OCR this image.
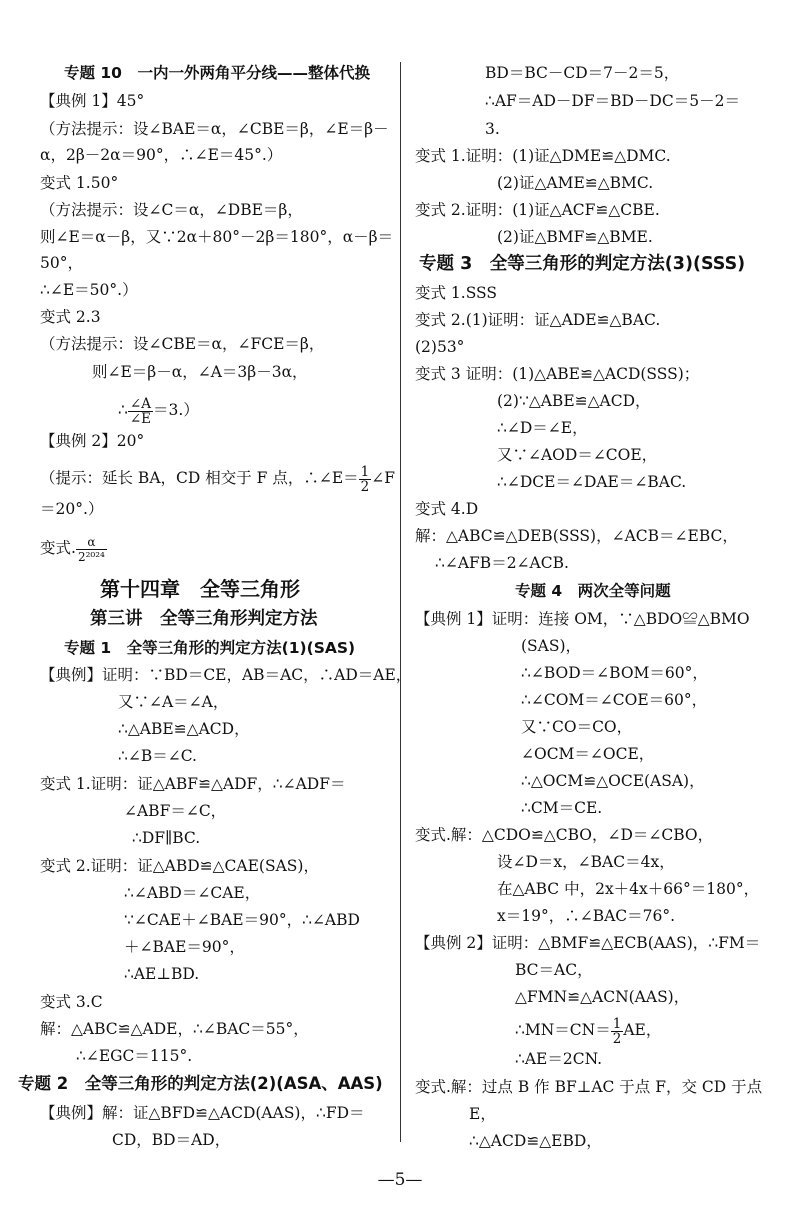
专题 10　一内一外两角平分线——整体代换
【典例 1】45°
（方法提示：设∠BAE＝α，∠CBE＝β，∠E＝β－
α，2β－2α＝90°，∴∠E＝45°.）
变式 1.50°
（方法提示：设∠C＝α，∠DBE＝β，
则∠E＝α－β，又∵2α＋80°－2β＝180°，α－β＝
50°，
∴∠E＝50°.）
变式 2.3
（方法提示：设∠CBE＝α，∠FCE＝β，
则∠E＝β－α，∠A＝3β－3α，
∴ $\frac{\angle A}{\angle E} =3$.）
【典例 2】20°
（提示：延长 BA，CD 相交于 F 点，∴∠E＝ $\frac{1}{2}$ ∠F
＝20°.）
变式. $\frac{\alpha}{\text{2²⁰²⁴}}$
第十四章　全等三角形
第三讲　全等三角形判定方法
专题 1　全等三角形的判定方法(1)(SAS)
【典例】证明：∵BD＝CE，AB＝AC，∴AD＝AE，
又∵∠A＝∠A，
∴△ABE≌△ACD，
∴∠B＝∠C.
变式 1.证明：证△ABF≌△ADF，∴∠ADF＝
∠ABF＝∠C，
∴DF∥BC.
变式 2.证明：证△ABD≌△CAE(SAS)，
∴∠ABD＝∠CAE，
∵∠CAE＋∠BAE＝90°，∴∠ABD
＋∠BAE＝90°，
∴AE⊥BD.
变式 3.C
解：△ABC≌△ADE，∴∠BAC＝55°，
∴∠EGC＝115°.
专题 2　全等三角形的判定方法(2)(ASA、AAS)
【典例】解：证△BFD≌△ACD(AAS)，∴FD＝
CD，BD＝AD，
BD＝BC－CD＝7－2＝5，
∴AF＝AD－DF＝BD－DC＝5－2＝
3.
变式 1.证明：(1)证△DME≌△DMC.
(2)证△AME≌△BMC.
变式 2.证明：(1)证△ACF≌△CBE.
(2)证△BMF≌△BME.
专题 3　全等三角形的判定方法(3)(SSS)
变式 1.SSS
变式 2.(1)证明：证△ADE≌△BAC.
(2)53°
变式 3 证明：(1)△ABE≌△ACD(SSS)；
(2)∵△ABE≌△ACD，
∴∠D＝∠E，
又∵∠AOD＝∠COE，
∴∠DCE＝∠DAE＝∠BAC.
变式 4.D
解：△ABC≌△DEB(SSS)，∠ACB＝∠EBC，
∴∠AFB＝2∠ACB.
专题 4　两次全等问题
【典例 1】证明：连接 OM，∵△BDO≌△BMO
(SAS)，
∴∠BOD＝∠BOM＝60°，
∴∠COM＝∠COE＝60°，
又∵CO＝CO，
∠OCM＝∠OCE，
∴△OCM≌△OCE(ASA)，
∴CM＝CE.
变式.解：△CDO≌△CBO，∠D＝∠CBO，
设∠D＝x，∠BAC＝4x，
在△ABC 中，2x＋4x＋66°＝180°，
x＝19°，∴∠BAC＝76°.
【典例 2】证明：△BMF≌△ECB(AAS)，∴FM＝
BC＝AC，
△FMN≌△ACN(AAS)，
∴MN＝CN＝ $\frac{1}{2}$ AE，
∴AE＝2CN.
变式.解：过点 B 作 BF⊥AC 于点 F，交 CD 于点
E，
∴△ACD≌△EBD，
—5—
